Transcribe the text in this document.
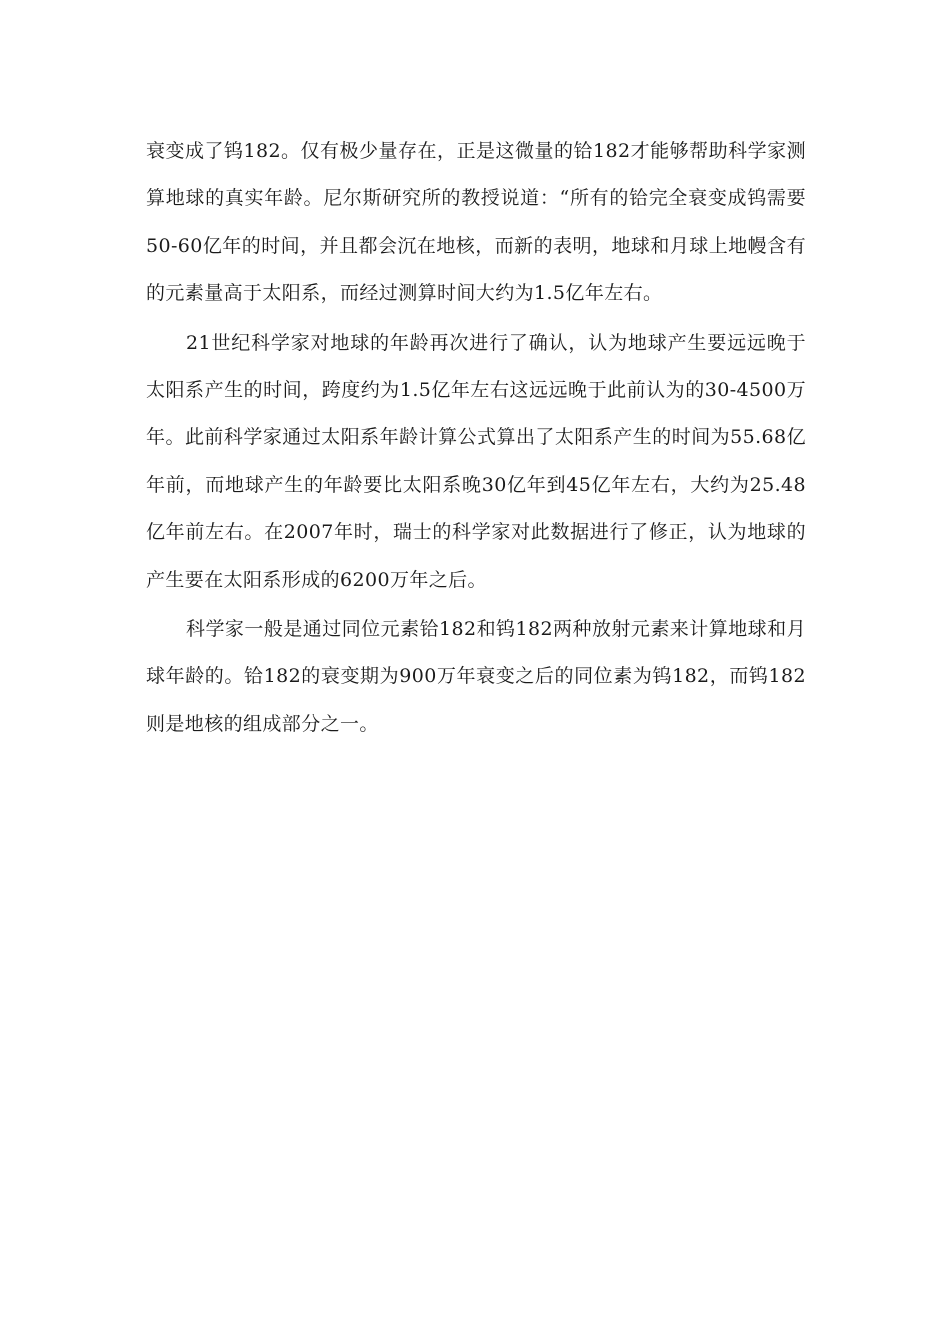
衰变成了钨182。仅有极少量存在，正是这微量的铪182才能够帮助科学家测算地球的真实年龄。尼尔斯研究所的教授说道：“所有的铪完全衰变成钨需要50-60亿年的时间，并且都会沉在地核，而新的表明，地球和月球上地幔含有的元素量高于太阳系，而经过测算时间大约为1.5亿年左右。

21世纪科学家对地球的年龄再次进行了确认，认为地球产生要远远晚于太阳系产生的时间，跨度约为1.5亿年左右这远远晚于此前认为的30-4500万年。此前科学家通过太阳系年龄计算公式算出了太阳系产生的时间为55.68亿年前，而地球产生的年龄要比太阳系晚30亿年到45亿年左右，大约为25.48亿年前左右。在2007年时，瑞士的科学家对此数据进行了修正，认为地球的产生要在太阳系形成的6200万年之后。

科学家一般是通过同位元素铪182和钨182两种放射元素来计算地球和月球年龄的。铪182的衰变期为900万年衰变之后的同位素为钨182，而钨182则是地核的组成部分之一。
